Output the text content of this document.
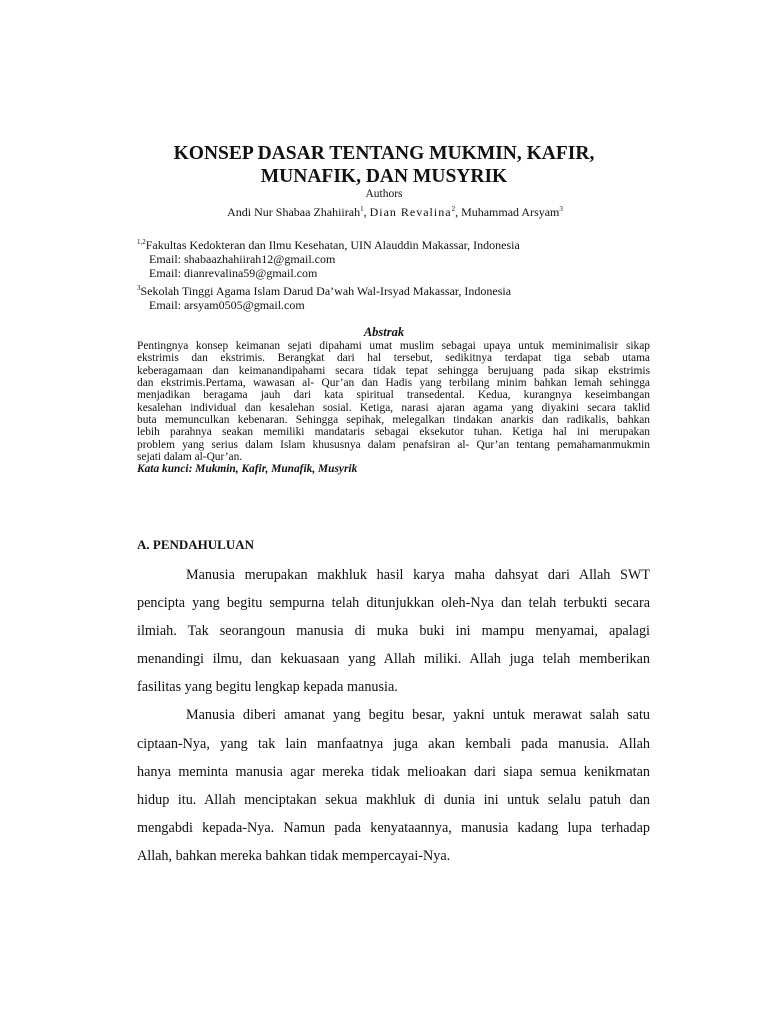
KONSEP DASAR TENTANG MUKMIN, KAFIR,
MUNAFIK, DAN MUSYRIK
Authors
Andi Nur Shabaa Zhahiirah$^1$, Dian Revalina$^2$, Muhammad Arsyam$^3$
$^{1,2}$Fakultas Kedokteran dan Ilmu Kesehatan, UIN Alauddin Makassar, Indonesia
Email: shabaazhahiirah12@gmail.com
Email: dianrevalina59@gmail.com
$^3$Sekolah Tinggi Agama Islam Darud Da’wah Wal-Irsyad Makassar, Indonesia
Email: arsyam0505@gmail.com
Abstrak
Pentingnya konsep keimanan sejati dipahami umat muslim sebagai upaya untuk meminimalisir sikap
ekstrimis dan ekstrimis. Berangkat dari hal tersebut, sedikitnya terdapat tiga sebab utama
keberagamaan dan keimanandipahami secara tidak tepat sehingga berujuang pada sikap ekstrimis
dan ekstrimis.Pertama, wawasan al- Qur’an dan Hadis yang terbilang minim bahkan lemah sehingga
menjadikan beragama jauh dari kata spiritual transedental. Kedua, kurangnya keseimbangan
kesalehan individual dan kesalehan sosial. Ketiga, narasi ajaran agama yang diyakini secara taklid
buta memunculkan kebenaran. Sehingga sepihak, melegalkan tindakan anarkis dan radikalis, bahkan
lebih parahnya seakan memiliki mandataris sebagai eksekutor tuhan. Ketiga hal ini merupakan
problem yang serius dalam Islam khususnya dalam penafsiran al- Qur’an tentang pemahamanmukmin
sejati dalam al-Qur’an.
Kata kunci: Mukmin, Kafir, Munafik, Musyrik
A. PENDAHULUAN
Manusia merupakan makhluk hasil karya maha dahsyat dari Allah SWT
pencipta yang begitu sempurna telah ditunjukkan oleh-Nya dan telah terbukti secara
ilmiah. Tak seorangoun manusia di muka buki ini mampu menyamai, apalagi
menandingi ilmu, dan kekuasaan yang Allah miliki. Allah juga telah memberikan
fasilitas yang begitu lengkap kepada manusia.
Manusia diberi amanat yang begitu besar, yakni untuk merawat salah satu
ciptaan-Nya, yang tak lain manfaatnya juga akan kembali pada manusia. Allah
hanya meminta manusia agar mereka tidak melioakan dari siapa semua kenikmatan
hidup itu. Allah menciptakan sekua makhluk di dunia ini untuk selalu patuh dan
mengabdi kepada-Nya. Namun pada kenyataannya, manusia kadang lupa terhadap
Allah, bahkan mereka bahkan tidak mempercayai-Nya.
